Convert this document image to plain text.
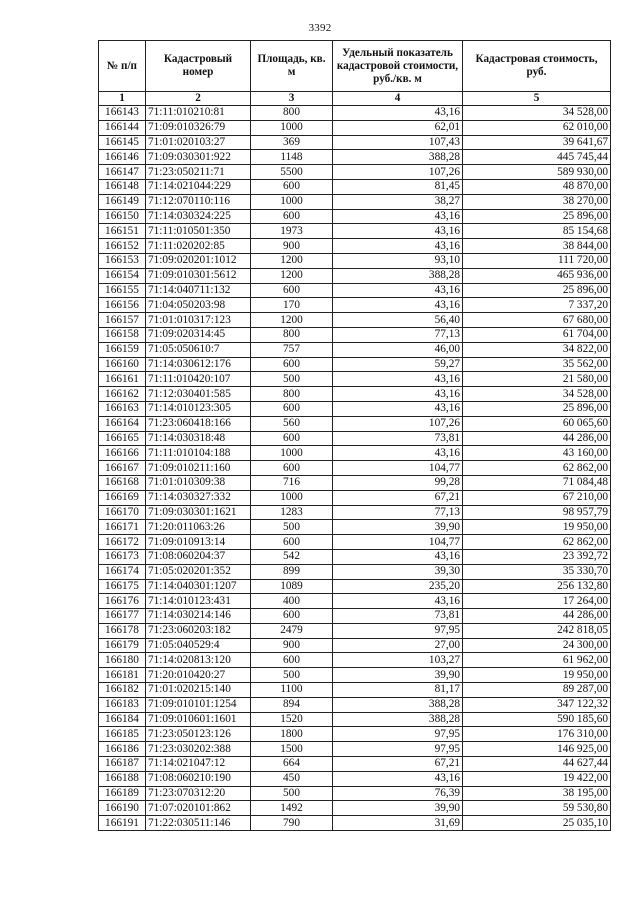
3392
№ п/п	Кадастровый номер	Площадь, кв. м	Удельный показатель кадастровой стоимости, руб./кв. м	Кадастровая стоимость, руб.
1	2	3	4	5
166143	71:11:010210:81	800	43,16	34 528,00
166144	71:09:010326:79	1000	62,01	62 010,00
166145	71:01:020103:27	369	107,43	39 641,67
166146	71:09:030301:922	1148	388,28	445 745,44
166147	71:23:050211:71	5500	107,26	589 930,00
166148	71:14:021044:229	600	81,45	48 870,00
166149	71:12:070110:116	1000	38,27	38 270,00
166150	71:14:030324:225	600	43,16	25 896,00
166151	71:11:010501:350	1973	43,16	85 154,68
166152	71:11:020202:85	900	43,16	38 844,00
166153	71:09:020201:1012	1200	93,10	111 720,00
166154	71:09:010301:5612	1200	388,28	465 936,00
166155	71:14:040711:132	600	43,16	25 896,00
166156	71:04:050203:98	170	43,16	7 337,20
166157	71:01:010317:123	1200	56,40	67 680,00
166158	71:09:020314:45	800	77,13	61 704,00
166159	71:05:050610:7	757	46,00	34 822,00
166160	71:14:030612:176	600	59,27	35 562,00
166161	71:11:010420:107	500	43,16	21 580,00
166162	71:12:030401:585	800	43,16	34 528,00
166163	71:14:010123:305	600	43,16	25 896,00
166164	71:23:060418:166	560	107,26	60 065,60
166165	71:14:030318:48	600	73,81	44 286,00
166166	71:11:010104:188	1000	43,16	43 160,00
166167	71:09:010211:160	600	104,77	62 862,00
166168	71:01:010309:38	716	99,28	71 084,48
166169	71:14:030327:332	1000	67,21	67 210,00
166170	71:09:030301:1621	1283	77,13	98 957,79
166171	71:20:011063:26	500	39,90	19 950,00
166172	71:09:010913:14	600	104,77	62 862,00
166173	71:08:060204:37	542	43,16	23 392,72
166174	71:05:020201:352	899	39,30	35 330,70
166175	71:14:040301:1207	1089	235,20	256 132,80
166176	71:14:010123:431	400	43,16	17 264,00
166177	71:14:030214:146	600	73,81	44 286,00
166178	71:23:060203:182	2479	97,95	242 818,05
166179	71:05:040529:4	900	27,00	24 300,00
166180	71:14:020813:120	600	103,27	61 962,00
166181	71:20:010420:27	500	39,90	19 950,00
166182	71:01:020215:140	1100	81,17	89 287,00
166183	71:09:010101:1254	894	388,28	347 122,32
166184	71:09:010601:1601	1520	388,28	590 185,60
166185	71:23:050123:126	1800	97,95	176 310,00
166186	71:23:030202:388	1500	97,95	146 925,00
166187	71:14:021047:12	664	67,21	44 627,44
166188	71:08:060210:190	450	43,16	19 422,00
166189	71:23:070312:20	500	76,39	38 195,00
166190	71:07:020101:862	1492	39,90	59 530,80
166191	71:22:030511:146	790	31,69	25 035,10
